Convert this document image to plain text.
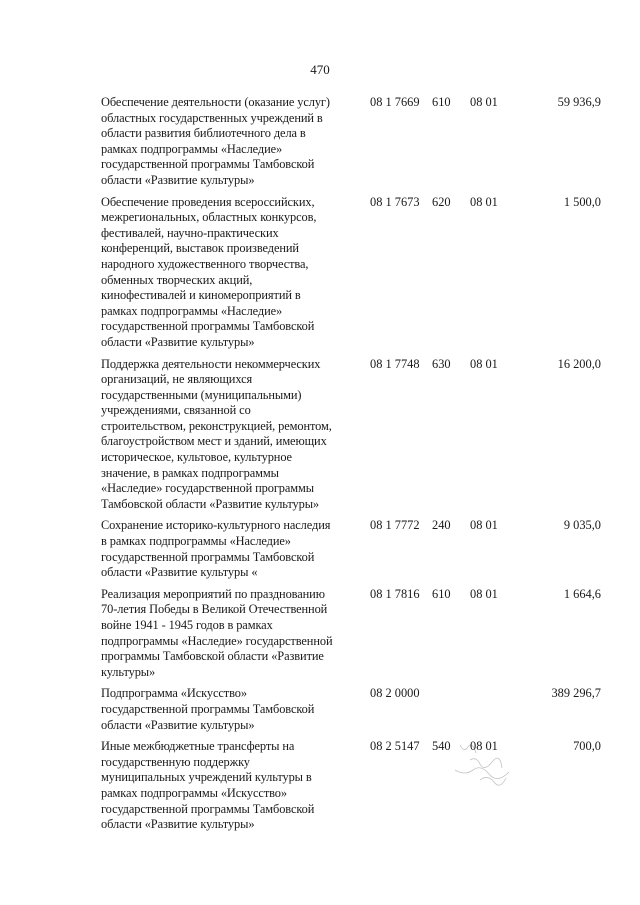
470
Обеспечение деятельности (оказание услуг)
областных государственных учреждений в
области развития библиотечного дела в
рамках подпрограммы «Наследие»
государственной программы Тамбовской
области «Развитие культуры»
08 1 7669 610 08 01	59 936,9
Обеспечение проведения всероссийских,
межрегиональных, областных конкурсов,
фестивалей, научно-практических
конференций, выставок произведений
народного художественного творчества,
обменных творческих акций,
кинофестивалей и киномероприятий в
рамках подпрограммы «Наследие»
государственной программы Тамбовской
области «Развитие культуры»
08 1 7673 620 08 01	1 500,0
Поддержка деятельности некоммерческих
организаций, не являющихся
государственными (муниципальными)
учреждениями, связанной со
строительством, реконструкцией, ремонтом,
благоустройством мест и зданий, имеющих
историческое, культовое, культурное
значение, в рамках подпрограммы
«Наследие» государственной программы
Тамбовской области «Развитие культуры»
08 1 7748 630 08 01	16 200,0
Сохранение историко-культурного наследия
в рамках подпрограммы «Наследие»
государственной программы Тамбовской
области «Развитие культуры «
08 1 7772 240 08 01	9 035,0
Реализация мероприятий по празднованию
70-летия Победы в Великой Отечественной
войне 1941 - 1945 годов в рамках
подпрограммы «Наследие» государственной
программы Тамбовской области «Развитие
культуры»
08 1 7816 610 08 01	1 664,6
Подпрограмма «Искусство»
государственной программы Тамбовской
области «Развитие культуры»
08 2 0000	389 296,7
Иные межбюджетные трансферты на
государственную поддержку
муниципальных учреждений культуры в
рамках подпрограммы «Искусство»
государственной программы Тамбовской
области «Развитие культуры»
08 2 5147 540 08 01	700,0
